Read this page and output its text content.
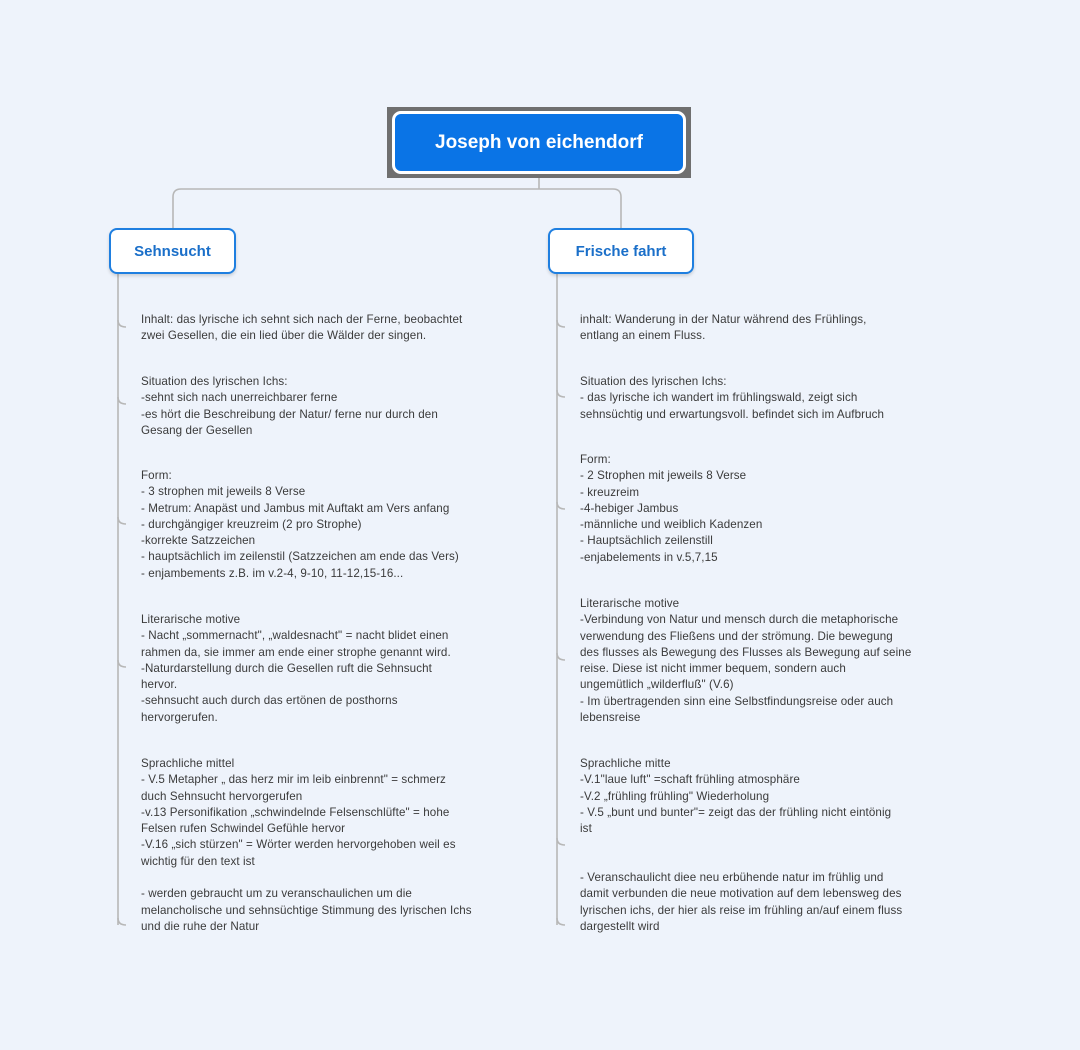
Joseph von eichendorf
Sehnsucht	Frische fahrt
Inhalt: das lyrische ich sehnt sich nach der Ferne, beobachtet
zwei Gesellen, die ein lied über die Wälder der singen.
Situation des lyrischen Ichs:
-sehnt sich nach unerreichbarer ferne
-es hört die Beschreibung der Natur/ ferne nur durch den
Gesang der Gesellen
Form:
- 3 strophen mit jeweils 8 Verse
- Metrum: Anapäst und Jambus mit Auftakt am Vers anfang
- durchgängiger kreuzreim (2 pro Strophe)
-korrekte Satzzeichen
- hauptsächlich im zeilenstil (Satzzeichen am ende das Vers)
- enjambements z.B. im v.2-4, 9-10, 11-12,15-16...
Literarische motive
- Nacht „sommernacht", „waldesnacht" = nacht blidet einen
rahmen da, sie immer am ende einer strophe genannt wird.
-Naturdarstellung durch die Gesellen ruft die Sehnsucht
hervor.
-sehnsucht auch durch das ertönen de posthorns
hervorgerufen.
Sprachliche mittel
- V.5 Metapher „ das herz mir im leib einbrennt" = schmerz
duch Sehnsucht hervorgerufen
-v.13 Personifikation „schwindelnde Felsenschlüfte" = hohe
Felsen rufen Schwindel Gefühle hervor
-V.16 „sich stürzen" = Wörter werden hervorgehoben weil es
wichtig für den text ist

- werden gebraucht um zu veranschaulichen um die
melancholische und sehnsüchtige Stimmung des lyrischen Ichs
und die ruhe der Natur
inhalt: Wanderung in der Natur während des Frühlings,
entlang an einem Fluss.
Situation des lyrischen Ichs:
- das lyrische ich wandert im frühlingswald, zeigt sich
sehnsüchtig und erwartungsvoll. befindet sich im Aufbruch
Form:
- 2 Strophen mit jeweils 8 Verse
- kreuzreim
-4-hebiger Jambus
-männliche und weiblich Kadenzen
- Hauptsächlich zeilenstill
-enjabelements in v.5,7,15
Literarische motive
-Verbindung von Natur und mensch durch die metaphorische
verwendung des Fließens und der strömung. Die bewegung
des flusses als Bewegung des Flusses als Bewegung auf seine
reise. Diese ist nicht immer bequem, sondern auch
ungemütlich „wilderfluß" (V.6)
- Im übertragenden sinn eine Selbstfindungsreise oder auch
lebensreise
Sprachliche mitte
-V.1"laue luft" =schaft frühling atmosphäre
-V.2 „frühling frühling" Wiederholung
- V.5 „bunt und bunter"= zeigt das der frühling nicht eintönig
ist
- Veranschaulicht diee neu erbühende natur im frühlig und
damit verbunden die neue motivation auf dem lebensweg des
lyrischen ichs, der hier als reise im frühling an/auf einem fluss
dargestellt wird
